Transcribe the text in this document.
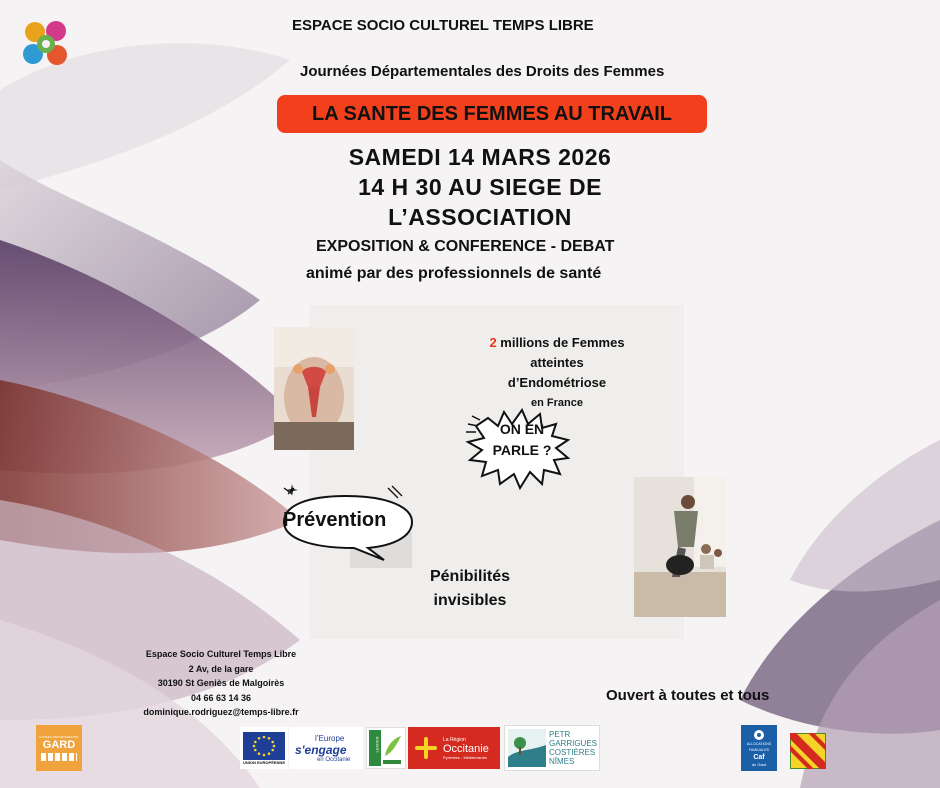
ESPACE SOCIO CULTUREL TEMPS LIBRE
Journées Départementales des Droits des Femmes
LA SANTE DES FEMMES AU TRAVAIL
SAMEDI 14 MARS 2026
14 H 30 AU SIEGE DE
L’ASSOCIATION
EXPOSITION & CONFERENCE - DEBAT
animé par des professionnels de santé
2 millions de Femmes
atteintes
d’Endométriose
en France
ON EN
PARLE ?
Prévention
Pénibilités
invisibles
Espace Socio Culturel Temps Libre
2 Av, de la gare
30190 St Geniès de Malgoirès
04 66 63 14 36
dominique.rodriguez@temps-libre.fr
Ouvert à toutes et tous
CONSEIL DÉPARTEMENTAL
GARD
UNION EUROPÉENNE
l’Europe
s'engage
en Occitanie
LEADER	La Région
Occitanie
Pyrénées - Méditerranée
PETR
GARRIGUES
COSTIÈRES
NÎMES
ALLOCATIONS
FAMILIALES
Caf
du Gard
